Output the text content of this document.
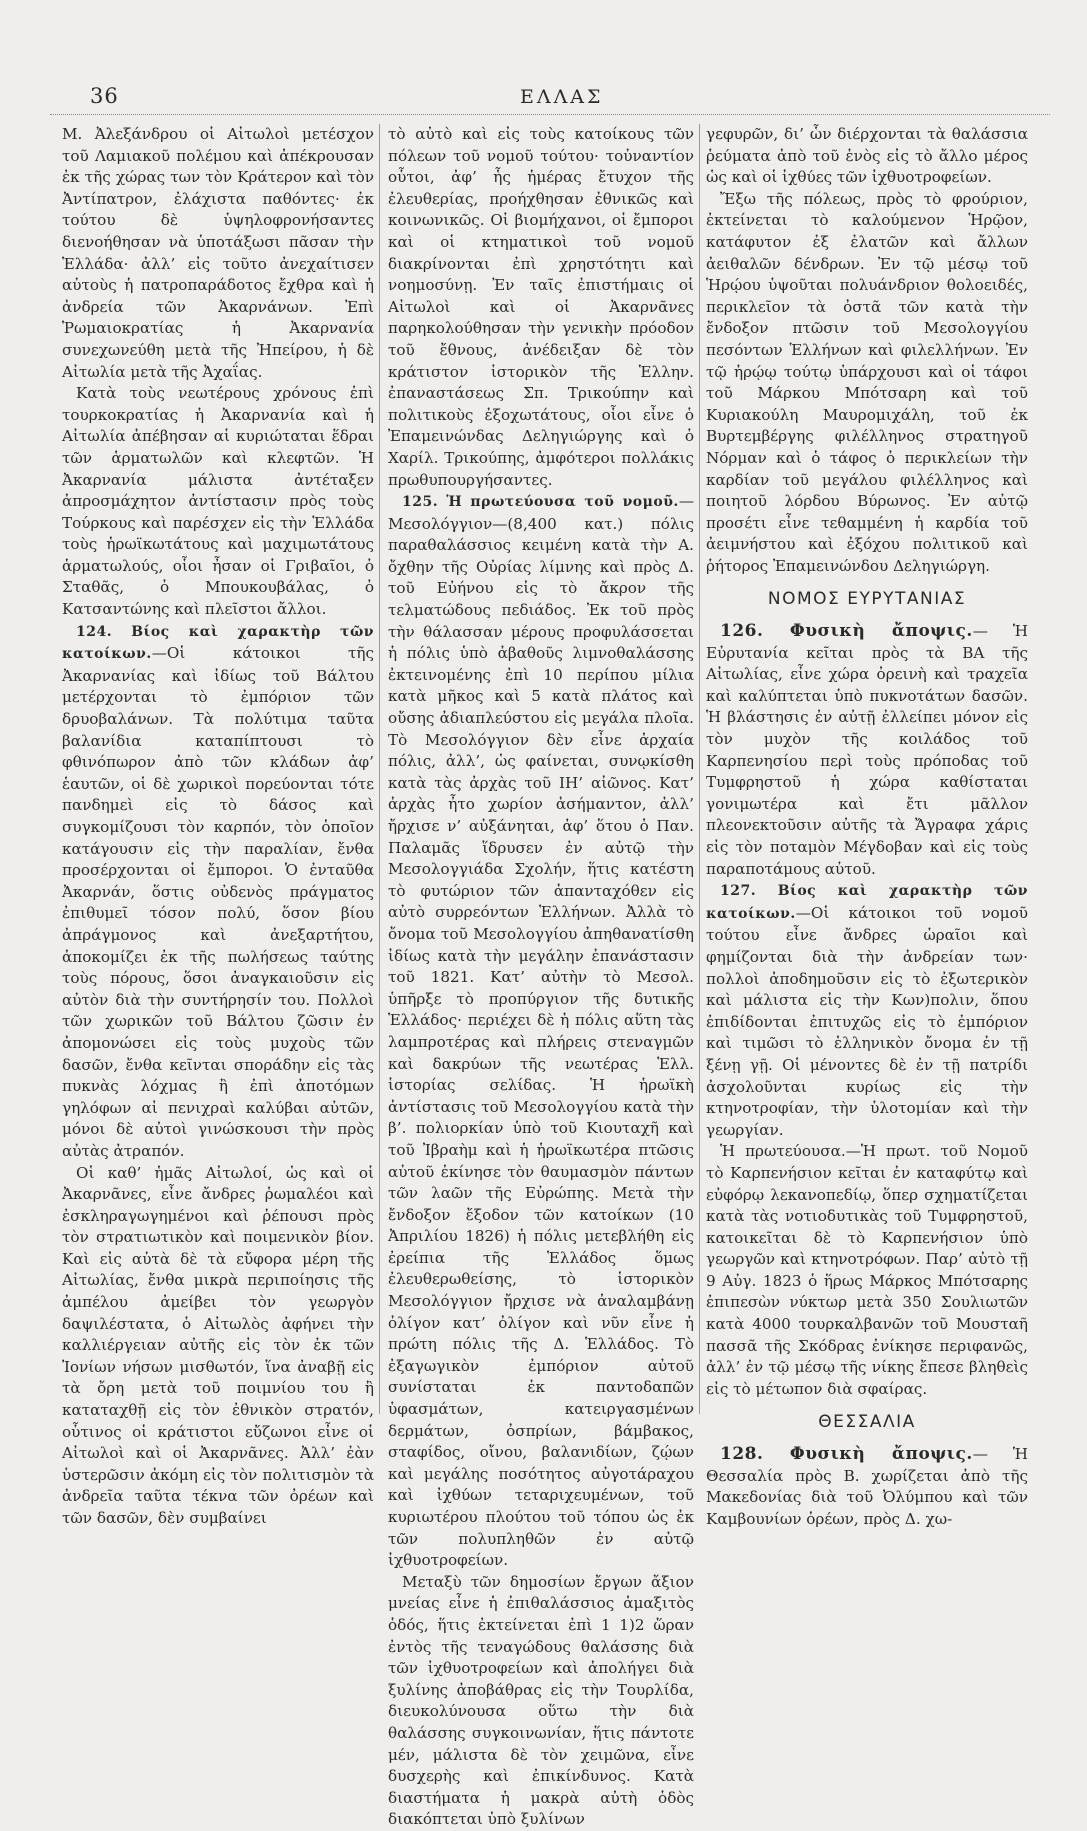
36	ΕΛΛΑΣ

Μ. Ἀλεξάνδρου οἱ Αἰτωλοὶ μετέσχον τοῦ Λαμιακοῦ πολέμου καὶ ἀπέκρουσαν ἐκ τῆς χώρας των τὸν Κράτερον καὶ τὸν Ἀντίπατρον, ἐλάχιστα παθόντες· ἐκ τούτου δὲ ὑψηλοφρονήσαντες διενοήθησαν νὰ ὑποτάξωσι πᾶσαν τὴν Ἑλλάδα· ἀλλ’ εἰς τοῦτο ἀνεχαίτισεν αὐτοὺς ἡ πατροπαράδοτος ἔχθρα καὶ ἡ ἀνδρεία τῶν Ἀκαρνάνων. Ἐπὶ Ῥωμαιοκρατίας ἡ Ἀκαρνανία συνεχωνεύθη μετὰ τῆς Ἠπείρου, ἡ δὲ Αἰτωλία μετὰ τῆς Ἀχαΐας.

Κατὰ τοὺς νεωτέρους χρόνους ἐπὶ τουρκοκρατίας ἡ Ἀκαρνανία καὶ ἡ Αἰτωλία ἀπέβησαν αἱ κυριώταται ἕδραι τῶν ἁρματωλῶν καὶ κλεφτῶν. Ἡ Ἀκαρνανία μάλιστα ἀντέταξεν ἀπροσμάχητον ἀντίστασιν πρὸς τοὺς Τούρκους καὶ παρέσχεν εἰς τὴν Ἑλλάδα τοὺς ἡρωϊκωτάτους καὶ μαχιμωτάτους ἁρματωλούς, οἷοι ἦσαν οἱ Γριβαῖοι, ὁ Σταθᾶς, ὁ Μπουκουβάλας, ὁ Κατσαντώνης καὶ πλεῖστοι ἄλλοι.

124. Βίος καὶ χαρακτὴρ τῶν κατοίκων.—Οἱ κάτοικοι τῆς Ἀκαρνανίας καὶ ἰδίως τοῦ Βάλτου μετέρχονται τὸ ἐμπόριον τῶν δρυοβαλάνων. Τὰ πολύτιμα ταῦτα βαλανίδια καταπίπτουσι τὸ φθινόπωρον ἀπὸ τῶν κλάδων ἀφ’ ἑαυτῶν, οἱ δὲ χωρικοὶ πορεύονται τότε πανδημεὶ εἰς τὸ δάσος καὶ συγκομίζουσι τὸν καρπόν, τὸν ὁποῖον κατάγουσιν εἰς τὴν παραλίαν, ἔνθα προσέρχονται οἱ ἔμποροι. Ὁ ἐνταῦθα Ἀκαρνάν, ὅστις οὐδενὸς πράγματος ἐπιθυμεῖ τόσον πολύ, ὅσον βίου ἀπράγμονος καὶ ἀνεξαρτήτου, ἀποκομίζει ἐκ τῆς πωλήσεως ταύτης τοὺς πόρους, ὅσοι ἀναγκαιοῦσιν εἰς αὐτὸν διὰ τὴν συντήρησίν του. Πολλοὶ τῶν χωρικῶν τοῦ Βάλτου ζῶσιν ἐν ἀπομονώσει εἰς τοὺς μυχοὺς τῶν δασῶν, ἔνθα κεῖνται σποράδην εἰς τὰς πυκνὰς λόχμας ἢ ἐπὶ ἀποτόμων γηλόφων αἱ πενιχραὶ καλύβαι αὐτῶν, μόνοι δὲ αὐτοὶ γινώσκουσι τὴν πρὸς αὐτὰς ἀτραπόν.

Οἱ καθ’ ἡμᾶς Αἰτωλοί, ὡς καὶ οἱ Ἀκαρνᾶνες, εἶνε ἄνδρες ῥωμαλέοι καὶ ἐσκληραγωγημένοι καὶ ῥέπουσι πρὸς τὸν στρατιωτικὸν καὶ ποιμενικὸν βίον. Καὶ εἰς αὐτὰ δὲ τὰ εὔφορα μέρη τῆς Αἰτωλίας, ἔνθα μικρὰ περιποίησις τῆς ἀμπέλου ἀμείβει τὸν γεωργὸν δαψιλέστατα, ὁ Αἰτωλὸς ἀφήνει τὴν καλλιέργειαν αὐτῆς εἰς τὸν ἐκ τῶν Ἰονίων νήσων μισθωτόν, ἵνα ἀναβῇ εἰς τὰ ὄρη μετὰ τοῦ ποιμνίου του ἢ καταταχθῇ εἰς τὸν ἐθνικὸν στρατόν, οὗτινος οἱ κράτιστοι εὔζωνοι εἶνε οἱ Αἰτωλοὶ καὶ οἱ Ἀκαρνᾶνες. Ἀλλ’ ἐὰν ὑστερῶσιν ἀκόμη εἰς τὸν πολιτισμὸν τὰ ἀνδρεῖα ταῦτα τέκνα τῶν ὀρέων καὶ τῶν δασῶν, δὲν συμβαίνει

τὸ αὐτὸ καὶ εἰς τοὺς κατοίκους τῶν πόλεων τοῦ νομοῦ τούτου· τοὐναντίον οὗτοι, ἀφ’ ἧς ἡμέρας ἔτυχον τῆς ἐλευθερίας, προήχθησαν ἐθνικῶς καὶ κοινωνικῶς. Οἱ βιομήχανοι, οἱ ἔμποροι καὶ οἱ κτηματικοὶ τοῦ νομοῦ διακρίνονται ἐπὶ χρηστότητι καὶ νοημοσύνῃ. Ἐν ταῖς ἐπιστήμαις οἱ Αἰτωλοὶ καὶ οἱ Ἀκαρνᾶνες παρηκολούθησαν τὴν γενικὴν πρόοδον τοῦ ἔθνους, ἀνέδειξαν δὲ τὸν κράτιστον ἱστορικὸν τῆς Ἑλλην. ἐπαναστάσεως Σπ. Τρικούπην καὶ πολιτικοὺς ἐξοχωτάτους, οἷοι εἶνε ὁ Ἐπαμεινώνδας Δεληγιώργης καὶ ὁ Χαρίλ. Τρικούπης, ἀμφότεροι πολλάκις πρωθυπουργήσαντες.

125. Ἡ πρωτεύουσα τοῦ νομοῦ.— Μεσολόγγιον—(8,400 κατ.) πόλις παραθαλάσσιος κειμένη κατὰ τὴν Α. ὄχθην τῆς Οὐρίας λίμνης καὶ πρὸς Δ. τοῦ Εὐήνου εἰς τὸ ἄκρον τῆς τελματώδους πεδιάδος. Ἐκ τοῦ πρὸς τὴν θάλασσαν μέρους προφυλάσσεται ἡ πόλις ὑπὸ ἀβαθοῦς λιμνοθαλάσσης ἐκτεινομένης ἐπὶ 10 περίπου μίλια κατὰ μῆκος καὶ 5 κατὰ πλάτος καὶ οὔσης ἀδιαπλεύστου εἰς μεγάλα πλοῖα. Τὸ Μεσολόγγιον δὲν εἶνε ἀρχαία πόλις, ἀλλ’, ὡς φαίνεται, συνῳκίσθη κατὰ τὰς ἀρχὰς τοῦ ΙΗ’ αἰῶνος. Κατ’ ἀρχὰς ἦτο χωρίον ἀσήμαντον, ἀλλ’ ἤρχισε ν’ αὐξάνηται, ἀφ’ ὅτου ὁ Παν. Παλαμᾶς ἵδρυσεν ἐν αὐτῷ τὴν Μεσολογγιάδα Σχολήν, ἥτις κατέστη τὸ φυτώριον τῶν ἀπανταχόθεν εἰς αὐτὸ συρρεόντων Ἑλλήνων. Ἀλλὰ τὸ ὄνομα τοῦ Μεσολογγίου ἀπηθανατίσθη ἰδίως κατὰ τὴν μεγάλην ἐπανάστασιν τοῦ 1821. Κατ’ αὐτὴν τὸ Μεσολ. ὑπῆρξε τὸ προπύργιον τῆς δυτικῆς Ἑλλάδος· περιέχει δὲ ἡ πόλις αὕτη τὰς λαμπροτέρας καὶ πλήρεις στεναγμῶν καὶ δακρύων τῆς νεωτέρας Ἑλλ. ἱστορίας σελίδας. Ἡ ἡρωϊκὴ ἀντίστασις τοῦ Μεσολογγίου κατὰ τὴν β’. πολιορκίαν ὑπὸ τοῦ Κιουταχῆ καὶ τοῦ Ἰβραὴμ καὶ ἡ ἡρωϊκωτέρα πτῶσις αὐτοῦ ἐκίνησε τὸν θαυμασμὸν πάντων τῶν λαῶν τῆς Εὐρώπης. Μετὰ τὴν ἔνδοξον ἔξοδον τῶν κατοίκων (10 Ἀπριλίου 1826) ἡ πόλις μετεβλήθη εἰς ἐρείπια τῆς Ἑλλάδος ὅμως ἐλευθερωθείσης, τὸ ἱστορικὸν Μεσολόγγιον ἤρχισε νὰ ἀναλαμβάνῃ ὀλίγον κατ’ ὀλίγον καὶ νῦν εἶνε ἡ πρώτη πόλις τῆς Δ. Ἑλλάδος. Τὸ ἐξαγωγικὸν ἐμπόριον αὐτοῦ συνίσταται ἐκ παντοδαπῶν ὑφασμάτων, κατειργασμένων δερμάτων, ὀσπρίων, βάμβακος, σταφίδος, οἴνου, βαλανιδίων, ζῴων καὶ μεγάλης ποσότητος αὐγοτάραχου καὶ ἰχθύων τεταριχευμένων, τοῦ κυριωτέρου πλούτου τοῦ τόπου ὡς ἐκ τῶν πολυπληθῶν ἐν αὐτῷ ἰχθυοτροφείων.

Μεταξὺ τῶν δημοσίων ἔργων ἄξιον μνείας εἶνε ἡ ἐπιθαλάσσιος ἁμαξιτὸς ὁδός, ἥτις ἐκτείνεται ἐπὶ 1 1)2 ὥραν ἐντὸς τῆς τεναγώδους θαλάσσης διὰ τῶν ἰχθυοτροφείων καὶ ἀπολήγει διὰ ξυλίνης ἀποβάθρας εἰς τὴν Τουρλίδα, διευκολύνουσα οὕτω τὴν διὰ θαλάσσης συγκοινωνίαν, ἥτις πάντοτε μέν, μάλιστα δὲ τὸν χειμῶνα, εἶνε δυσχερὴς καὶ ἐπικίνδυνος. Κατὰ διαστήματα ἡ μακρὰ αὐτὴ ὁδὸς διακόπτεται ὑπὸ ξυλίνων

γεφυρῶν, δι’ ὧν διέρχονται τὰ θαλάσσια ῥεύματα ἀπὸ τοῦ ἑνὸς εἰς τὸ ἄλλο μέρος ὡς καὶ οἱ ἰχθύες τῶν ἰχθυοτροφείων.

Ἔξω τῆς πόλεως, πρὸς τὸ φρούριον, ἐκτείνεται τὸ καλούμενον Ἡρῷον, κατάφυτον ἐξ ἐλατῶν καὶ ἄλλων ἀειθαλῶν δένδρων. Ἐν τῷ μέσῳ τοῦ Ἡρῴου ὑψοῦται πολυάνδριον θολοειδές, περικλεῖον τὰ ὀστᾶ τῶν κατὰ τὴν ἔνδοξον πτῶσιν τοῦ Μεσολογγίου πεσόντων Ἑλλήνων καὶ φιλελλήνων. Ἐν τῷ ἡρῴῳ τούτῳ ὑπάρχουσι καὶ οἱ τάφοι τοῦ Μάρκου Μπότσαρη καὶ τοῦ Κυριακούλη Μαυρομιχάλη, τοῦ ἐκ Βυρτεμβέργης φιλέλληνος στρατηγοῦ Νόρμαν καὶ ὁ τάφος ὁ περικλείων τὴν καρδίαν τοῦ μεγάλου φιλέλληνος καὶ ποιητοῦ λόρδου Βύρωνος. Ἐν αὐτῷ προσέτι εἶνε τεθαμμένη ἡ καρδία τοῦ ἀειμνήστου καὶ ἐξόχου πολιτικοῦ καὶ ῥήτορος Ἐπαμεινώνδου Δεληγιώργη.

ΝΟΜΟΣ ΕΥΡΥΤΑΝΙΑΣ

126. Φυσικὴ ἄποψις.— Ἡ Εὐρυτανία κεῖται πρὸς τὰ ΒΑ τῆς Αἰτωλίας, εἶνε χώρα ὀρεινὴ καὶ τραχεῖα καὶ καλύπτεται ὑπὸ πυκνοτάτων δασῶν. Ἡ βλάστησις ἐν αὐτῇ ἐλλείπει μόνον εἰς τὸν μυχὸν τῆς κοιλάδος τοῦ Καρπενησίου περὶ τοὺς πρόποδας τοῦ Τυμφρηστοῦ ἡ χώρα καθίσταται γονιμωτέρα καὶ ἔτι μᾶλλον πλεονεκτοῦσιν αὐτῆς τὰ Ἄγραφα χάρις εἰς τὸν ποταμὸν Μέγδοβαν καὶ εἰς τοὺς παραποτάμους αὐτοῦ.

127. Βίος καὶ χαρακτὴρ τῶν κατοίκων.—Οἱ κάτοικοι τοῦ νομοῦ τούτου εἶνε ἄνδρες ὡραῖοι καὶ φημίζονται διὰ τὴν ἀνδρείαν των· πολλοὶ ἀποδημοῦσιν εἰς τὸ ἐξωτερικὸν καὶ μάλιστα εἰς τὴν Κων)πολιν, ὅπου ἐπιδίδονται ἐπιτυχῶς εἰς τὸ ἐμπόριον καὶ τιμῶσι τὸ ἑλληνικὸν ὄνομα ἐν τῇ ξένῃ γῇ. Οἱ μένοντες δὲ ἐν τῇ πατρίδι ἀσχολοῦνται κυρίως εἰς τὴν κτηνοτροφίαν, τὴν ὑλοτομίαν καὶ τὴν γεωργίαν.

Ἡ πρωτεύουσα.—Ἡ πρωτ. τοῦ Νομοῦ τὸ Καρπενήσιον κεῖται ἐν καταφύτῳ καὶ εὐφόρῳ λεκανοπεδίῳ, ὅπερ σχηματίζεται κατὰ τὰς νοτιοδυτικὰς τοῦ Τυμφρηστοῦ, κατοικεῖται δὲ τὸ Καρπενήσιον ὑπὸ γεωργῶν καὶ κτηνοτρόφων. Παρ’ αὐτὸ τῇ 9 Αὐγ. 1823 ὁ ἥρως Μάρκος Μπότσαρης ἐπιπεσὼν νύκτωρ μετὰ 350 Σουλιωτῶν κατὰ 4000 τουρκαλβανῶν τοῦ Μουσταῆ πασσᾶ τῆς Σκόδρας ἐνίκησε περιφανῶς, ἀλλ’ ἐν τῷ μέσῳ τῆς νίκης ἔπεσε βληθεὶς εἰς τὸ μέτωπον διὰ σφαίρας.

ΘΕΣΣΑΛΙΑ

128. Φυσικὴ ἄποψις.— Ἡ Θεσσαλία πρὸς Β. χωρίζεται ἀπὸ τῆς Μακεδονίας διὰ τοῦ Ὀλύμπου καὶ τῶν Καμβουνίων ὀρέων, πρὸς Δ. χω-
